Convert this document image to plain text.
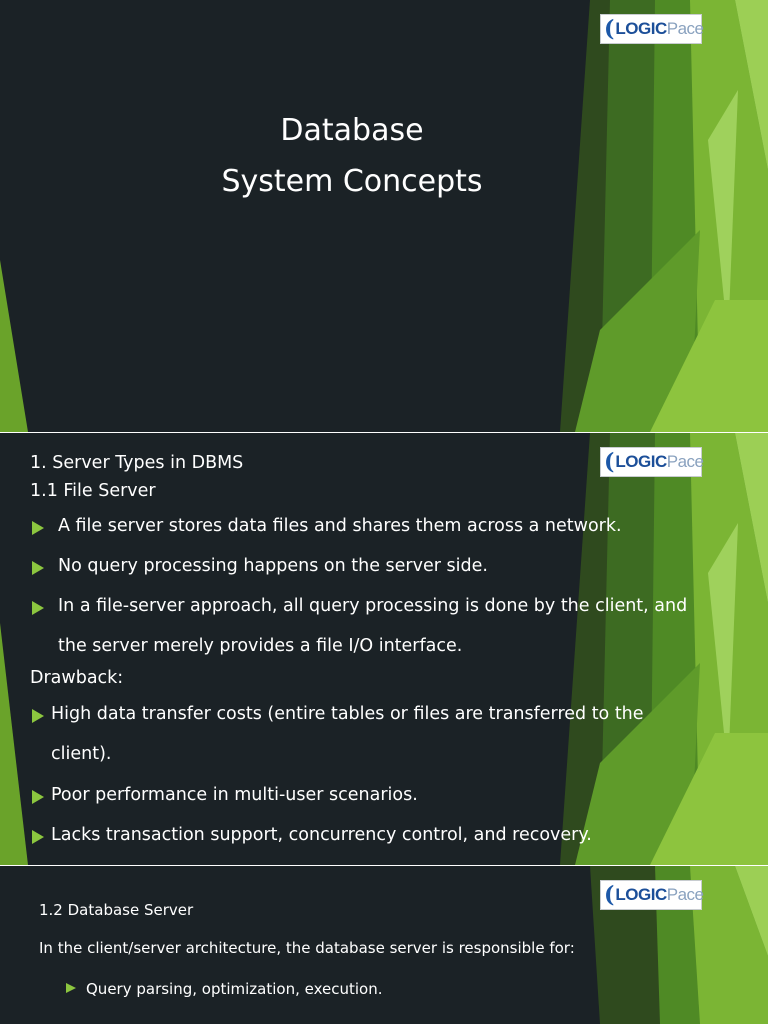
( LOGIC Pace
Database
System Concepts
( LOGIC Pace
1. Server Types in DBMS
1.1 File Server
A file server stores data files and shares them across a network.
No query processing happens on the server side.
In a file-server approach, all query processing is done by the client, and
the server merely provides a file I/O interface.
Drawback:
High data transfer costs (entire tables or files are transferred to the
client).
Poor performance in multi-user scenarios.
Lacks transaction support, concurrency control, and recovery.
( LOGIC Pace
1.2 Database Server
In the client/server architecture, the database server is responsible for:
Query parsing, optimization, execution.
